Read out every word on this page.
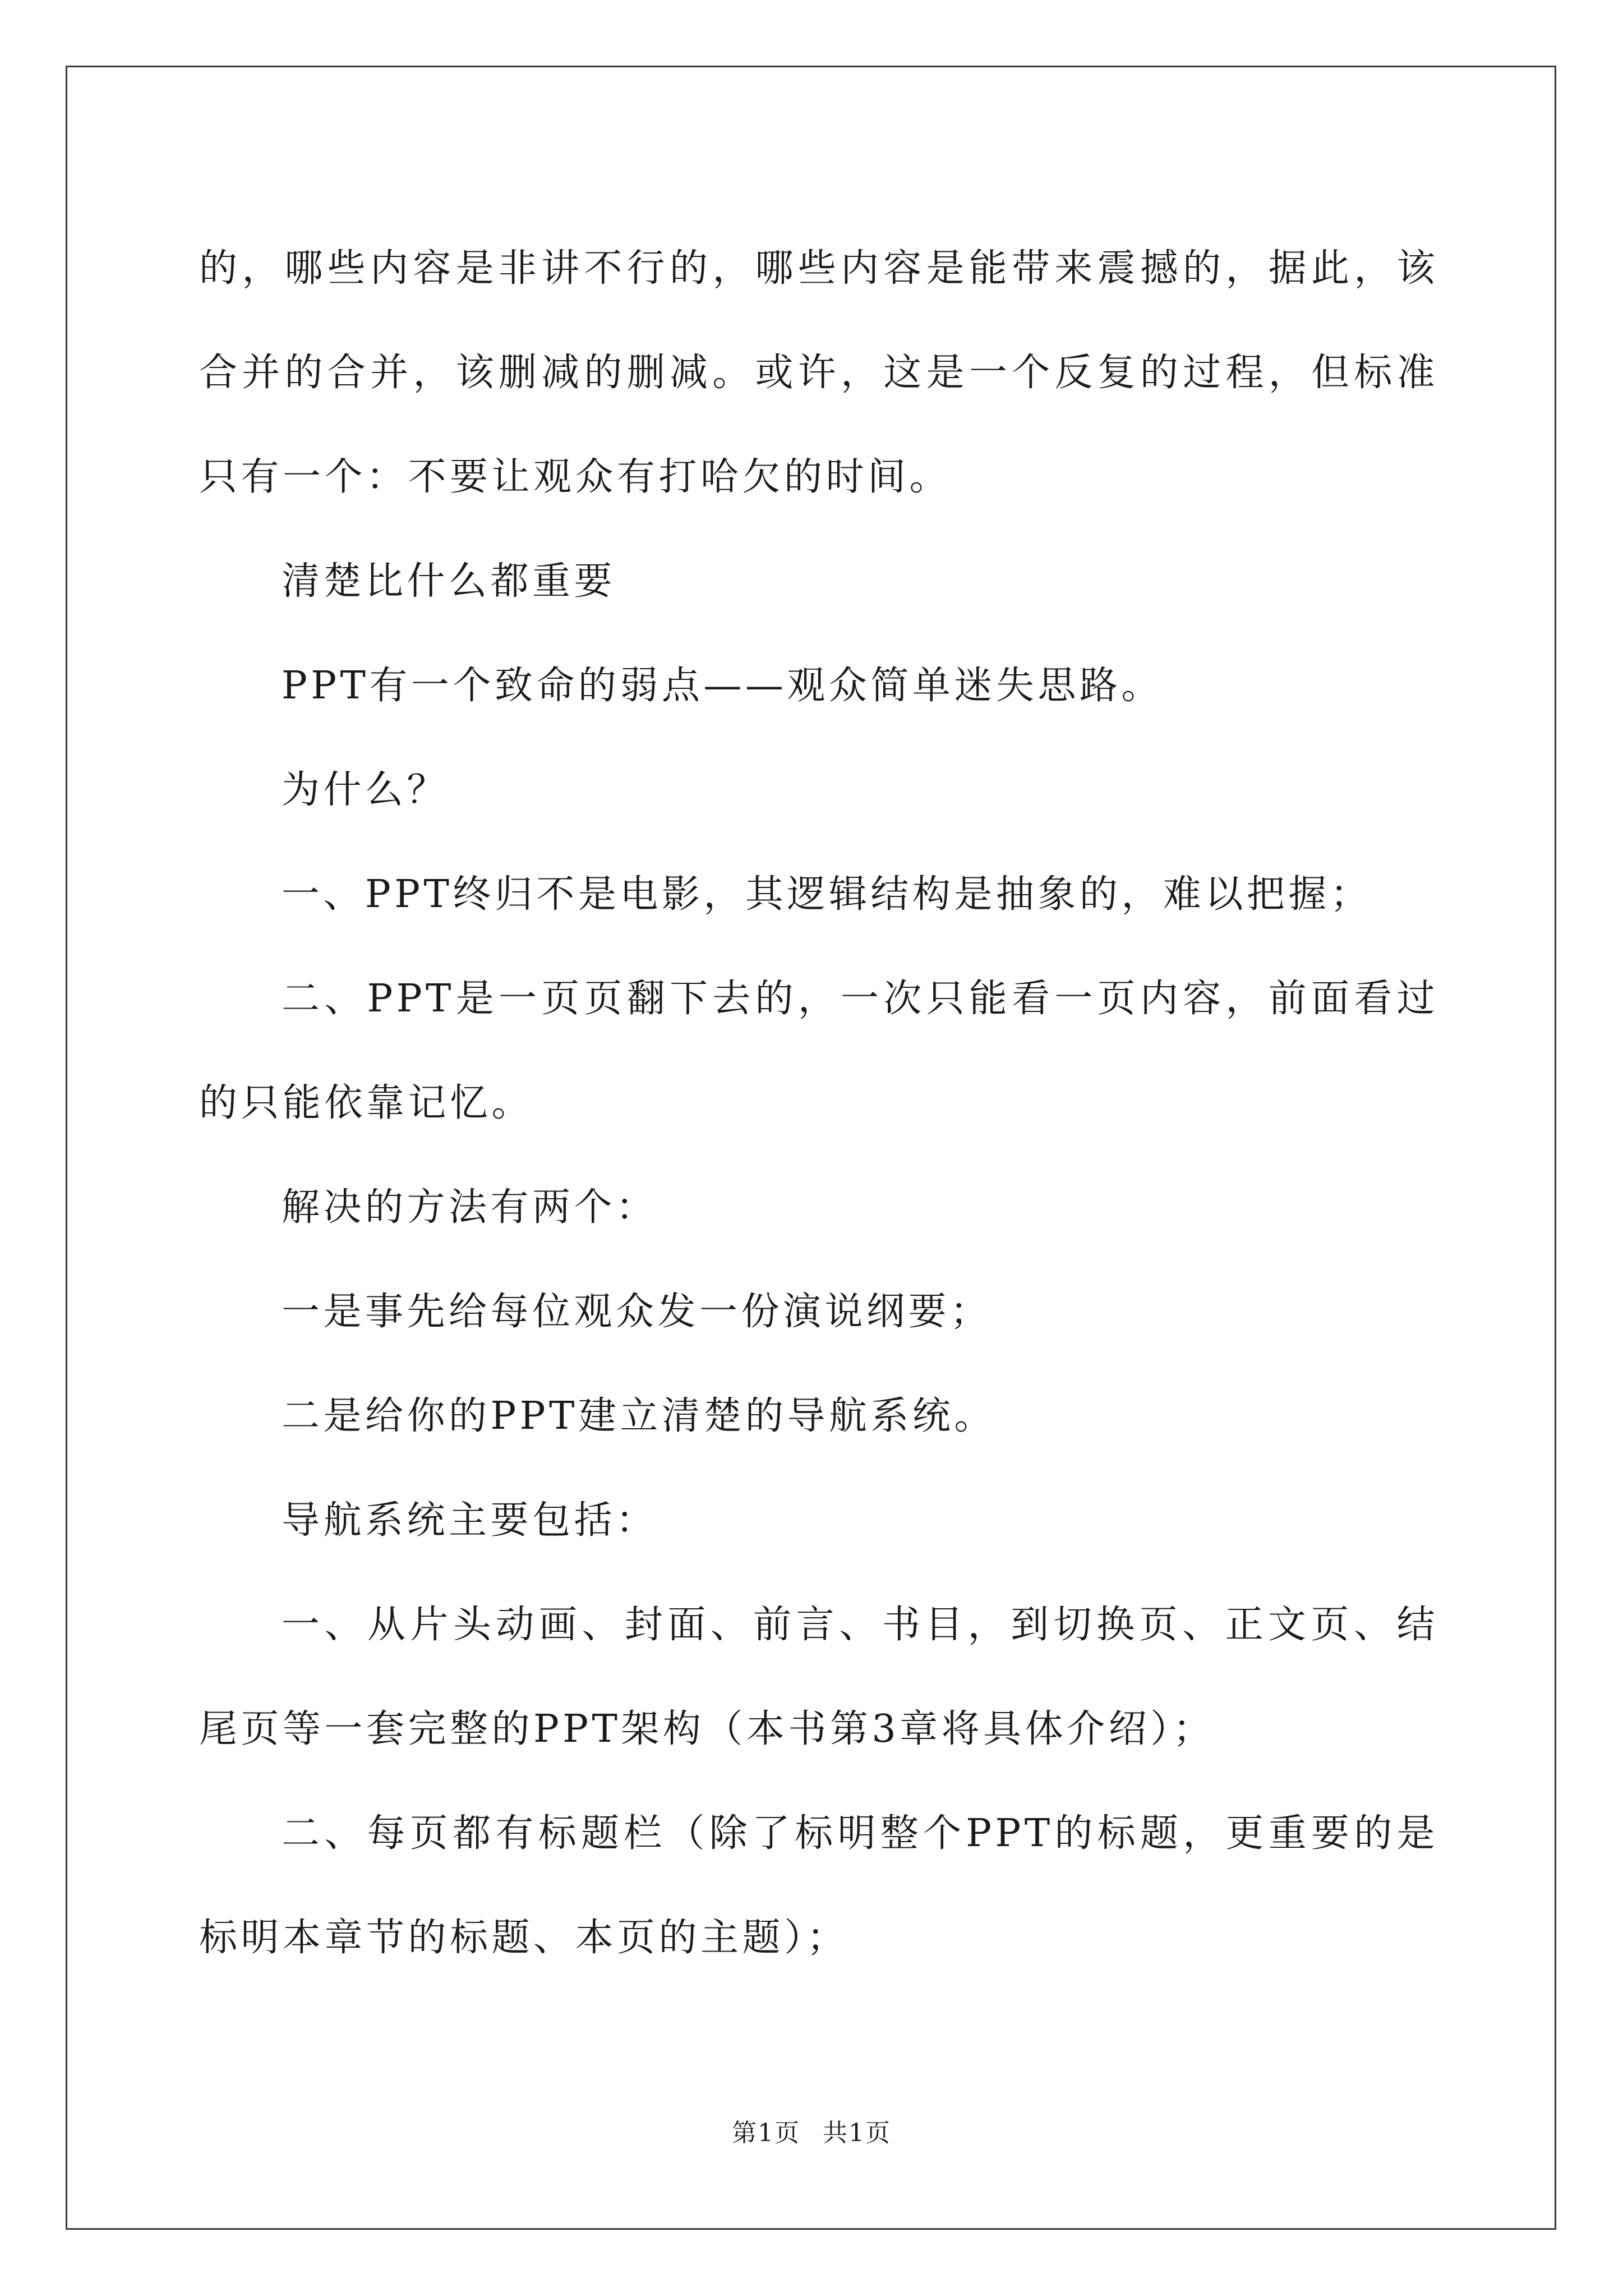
的，哪些内容是非讲不行的，哪些内容是能带来震撼的，据此，该合并的合并，该删减的删减。或许，这是一个反复的过程，但标准只有一个：不要让观众有打哈欠的时间。

清楚比什么都重要

PPT有一个致命的弱点——观众简单迷失思路。

为什么？

一、PPT终归不是电影，其逻辑结构是抽象的，难以把握；

二、PPT是一页页翻下去的，一次只能看一页内容，前面看过的只能依靠记忆。

解决的方法有两个：

一是事先给每位观众发一份演说纲要；

二是给你的PPT建立清楚的导航系统。

导航系统主要包括：

一、从片头动画、封面、前言、书目，到切换页、正文页、结尾页等一套完整的PPT架构（本书第3章将具体介绍）；

二、每页都有标题栏（除了标明整个PPT的标题，更重要的是标明本章节的标题、本页的主题）；

第1页 共1页
